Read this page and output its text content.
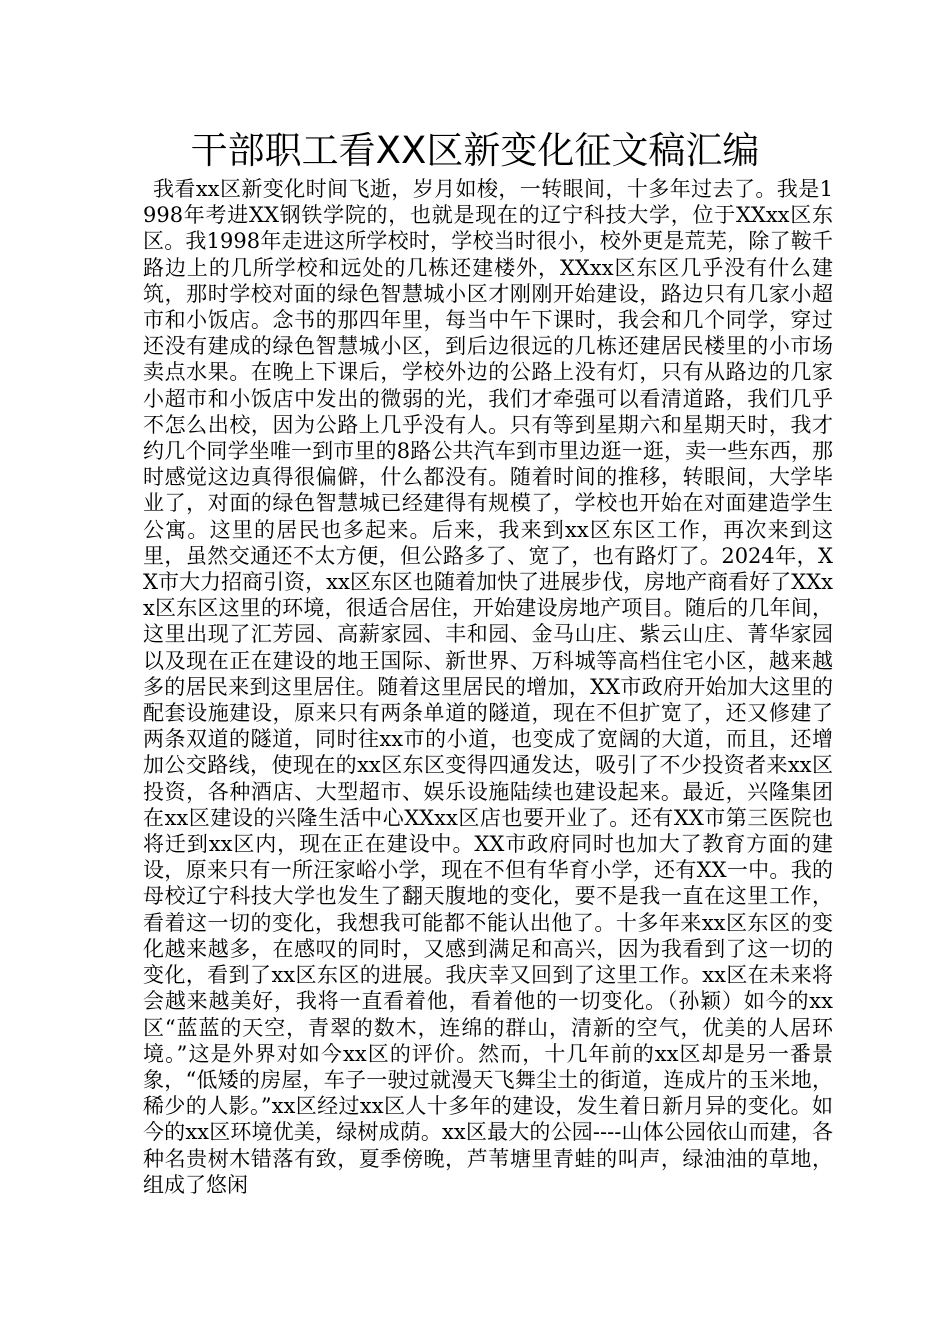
干部职工看XX区新变化征文稿汇编

我看xx区新变化时间飞逝，岁月如梭，一转眼间，十多年过去了。我是1998年考进XX钢铁学院的，也就是现在的辽宁科技大学，位于XXxx区东区。我1998年走进这所学校时，学校当时很小，校外更是荒芜，除了鞍千路边上的几所学校和远处的几栋还建楼外，XXxx区东区几乎没有什么建筑，那时学校对面的绿色智慧城小区才刚刚开始建设，路边只有几家小超市和小饭店。念书的那四年里，每当中午下课时，我会和几个同学，穿过还没有建成的绿色智慧城小区，到后边很远的几栋还建居民楼里的小市场卖点水果。在晚上下课后，学校外边的公路上没有灯，只有从路边的几家小超市和小饭店中发出的微弱的光，我们才牵强可以看清道路，我们几乎不怎么出校，因为公路上几乎没有人。只有等到星期六和星期天时，我才约几个同学坐唯一到市里的8路公共汽车到市里边逛一逛，卖一些东西，那时感觉这边真得很偏僻，什么都没有。随着时间的推移，转眼间，大学毕业了，对面的绿色智慧城已经建得有规模了，学校也开始在对面建造学生公寓。这里的居民也多起来。后来，我来到xx区东区工作，再次来到这里，虽然交通还不太方便，但公路多了、宽了，也有路灯了。2024年，XX市大力招商引资，xx区东区也随着加快了进展步伐，房地产商看好了XXxx区东区这里的环境，很适合居住，开始建设房地产项目。随后的几年间，这里出现了汇芳园、高薪家园、丰和园、金马山庄、紫云山庄、菁华家园以及现在正在建设的地王国际、新世界、万科城等高档住宅小区，越来越多的居民来到这里居住。随着这里居民的增加，XX市政府开始加大这里的配套设施建设，原来只有两条单道的隧道，现在不但扩宽了，还又修建了两条双道的隧道，同时往xx市的小道，也变成了宽阔的大道，而且，还增加公交路线，使现在的xx区东区变得四通发达，吸引了不少投资者来xx区投资，各种酒店、大型超市、娱乐设施陆续也建设起来。最近，兴隆集团在xx区建设的兴隆生活中心XXxx区店也要开业了。还有XX市第三医院也将迁到xx区内，现在正在建设中。XX市政府同时也加大了教育方面的建设，原来只有一所汪家峪小学，现在不但有华育小学，还有XX一中。我的母校辽宁科技大学也发生了翻天腹地的变化，要不是我一直在这里工作，看着这一切的变化，我想我可能都不能认出他了。十多年来xx区东区的变化越来越多，在感叹的同时，又感到满足和高兴，因为我看到了这一切的变化，看到了xx区东区的进展。我庆幸又回到了这里工作。xx区在未来将会越来越美好，我将一直看着他，看着他的一切变化。（孙颖）如今的xx区“蓝蓝的天空，青翠的数木，连绵的群山，清新的空气，优美的人居环境。”这是外界对如今xx区的评价。然而，十几年前的xx区却是另一番景象，“低矮的房屋，车子一驶过就漫天飞舞尘土的街道，连成片的玉米地，稀少的人影。”xx区经过xx区人十多年的建设，发生着日新月异的变化。如今的xx区环境优美，绿树成荫。xx区最大的公园----山体公园依山而建，各种名贵树木错落有致，夏季傍晚，芦苇塘里青蛙的叫声，绿油油的草地，组成了悠闲
